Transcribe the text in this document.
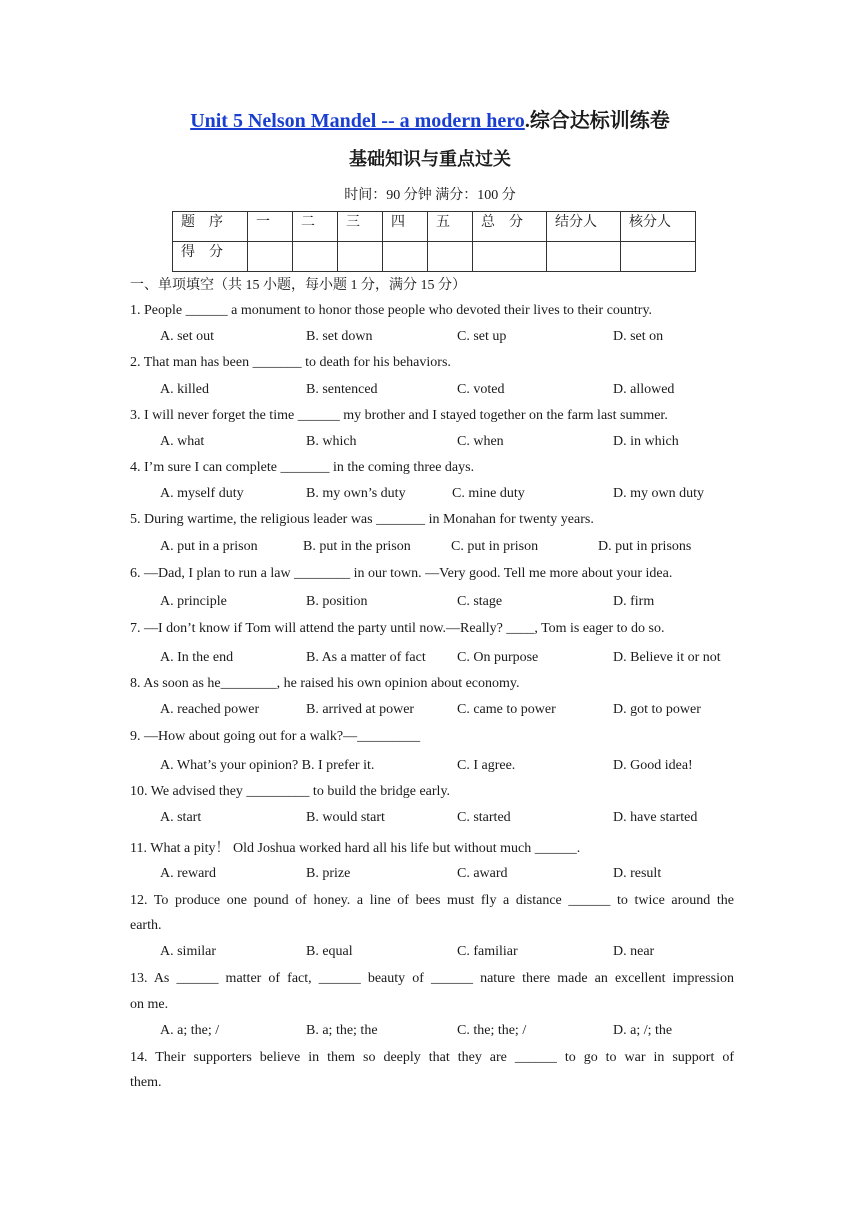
Unit 5 Nelson Mandel -- a modern hero.综合达标训练卷
基础知识与重点过关
时间：90 分钟 满分：100 分
题　序	一	二	三	四	五	总　分	结分人	核分人
得　分								
一、单项填空（共 15 小题，每小题 1 分，满分 15 分）
1. People ______ a monument to honor those people who devoted their lives to their country.
A. set out	B. set down	C. set up	D. set on
2. That man has been _______ to death for his behaviors.
A. killed	B. sentenced	C. voted	D. allowed
3. I will never forget the time ______ my brother and I stayed together on the farm last summer.
A. what	B. which	C. when	D. in which
4. I’m sure I can complete _______ in the coming three days.
A. myself duty	B. my own’s duty	C. mine duty	D. my own duty
5. During wartime, the religious leader was _______ in Monahan for twenty years.
A. put in a prison	B. put in the prison	C. put in prison	D. put in prisons
6. —Dad, I plan to run a law ________ in our town. —Very good. Tell me more about your idea.
A. principle	B. position	C. stage	D. firm
7. —I don’t know if Tom will attend the party until now.—Really? ____, Tom is eager to do so.
A. In the end	B. As a matter of fact C. On purpose	D. Believe it or not
8. As soon as he________, he raised his own opinion about economy.
A. reached power	B. arrived at power	C. came to power	D. got to power
9. —How about going out for a walk?—_________
A. What’s your opinion? B. I prefer it.	C. I agree.	D. Good idea!
10. We advised they _________ to build the bridge early.
A. start	B. would start	C. started	D. have started
11. What a pity！ Old Joshua worked hard all his life but without much ______.
A. reward	B. prize	C. award	D. result
12. To produce one pound of honey. a line of bees must fly a distance ______ to twice around the
earth.
A. similar	B. equal	C. familiar	D. near
13. As ______ matter of fact, ______ beauty of ______ nature there made an excellent impression
on me.
A. a; the; /	B. a; the; the	C. the; the; /	D. a; /; the
14. Their supporters believe in them so deeply that they are ______ to go to war in support of
them.
